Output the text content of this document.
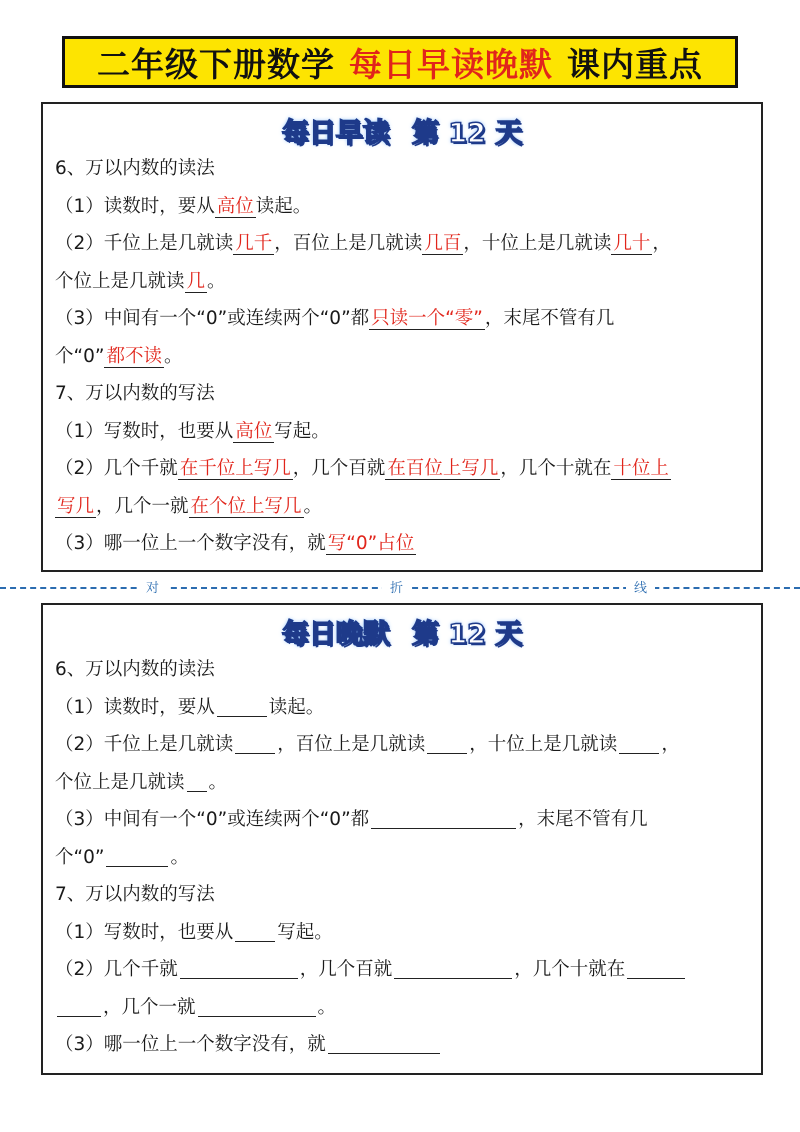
二年级下册数学 每日早读晚默 课内重点
每日早读 第 12 天
6、万以内数的读法
（1）读数时，要从 高位 读起。
（2）千位上是几就读 几千 ，百位上是几就读 几百 ，十位上是几就读 几十 ，
个位上是几就读 几 。
（3）中间有一个“0”或连续两个“0”都 只读一个“零” ，末尾不管有几
个“0” 都不读 。
7、万以内数的写法
（1）写数时，也要从 高位 写起。
（2）几个千就 在千位上写几 ，几个百就 在百位上写几 ，几个十就在 十位上
写几 ，几个一就 在个位上写几 。
（3）哪一位上一个数字没有，就 写“0”占位
对	折	线
每日晚默 第 12 天
6、万以内数的读法
（1）读数时，要从	读起。
（2）千位上是几就读 ，百位上是几就读 ，十位上是几就读 ，
个位上是几就读 。
（3）中间有一个“0”或连续两个“0”都	，末尾不管有几
个“0”	。
7、万以内数的写法
（1）写数时，也要从 写起。
（2）几个千就	，几个百就	，几个十就在
，几个一就	。
（3）哪一位上一个数字没有，就
